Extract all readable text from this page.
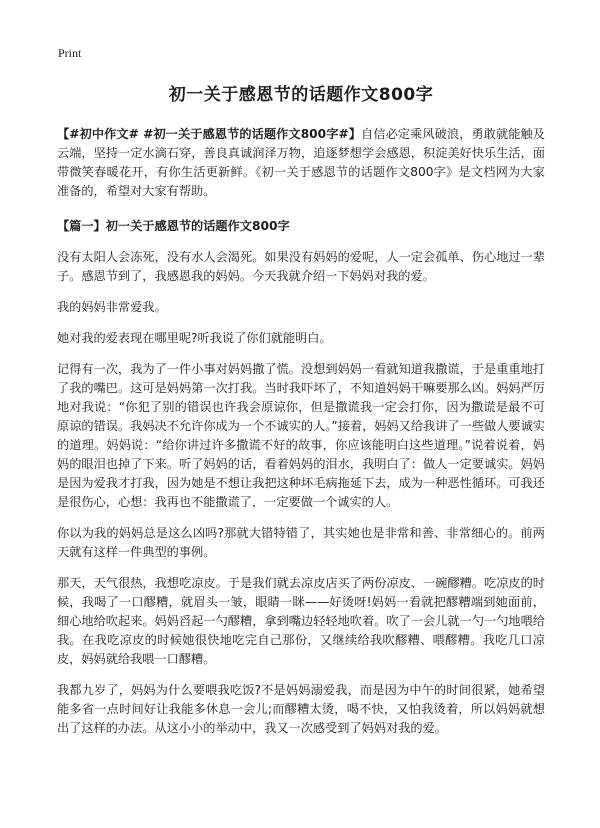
Print
初一关于感恩节的话题作文800字

【#初中作文# #初一关于感恩节的话题作文800字#】自信必定乘风破浪，勇敢就能触及云端，坚持一定水滴石穿，善良真诚润泽万物，追逐梦想学会感恩，积淀美好快乐生活，面带微笑春暖花开，有你生活更新鲜。《初一关于感恩节的话题作文800字》是文档网为大家准备的，希望对大家有帮助。

【篇一】初一关于感恩节的话题作文800字

没有太阳人会冻死，没有水人会渴死。如果没有妈妈的爱呢，人一定会孤单、伤心地过一辈子。感恩节到了，我感恩我的妈妈。今天我就介绍一下妈妈对我的爱。

我的妈妈非常爱我。

她对我的爱表现在哪里呢?听我说了你们就能明白。

记得有一次，我为了一件小事对妈妈撒了慌。没想到妈妈一看就知道我撒谎，于是重重地打了我的嘴巴。这可是妈妈第一次打我。当时我吓坏了，不知道妈妈干嘛要那么凶。妈妈严厉地对我说：“你犯了别的错误也许我会原谅你，但是撒谎我一定会打你，因为撒谎是最不可原谅的错误。我妈决不允许你成为一个不诚实的人。”接着，妈妈又给我讲了一些做人要诚实的道理。妈妈说：“给你讲过许多撒谎不好的故事，你应该能明白这些道理。”说着说着，妈妈的眼泪也掉了下来。听了妈妈的话，看着妈妈的泪水，我明白了：做人一定要诚实。妈妈是因为爱我才打我，因为她是不想让我把这种坏毛病拖延下去，成为一种恶性循环。可我还是很伤心，心想：我再也不能撒谎了，一定要做一个诚实的人。

你以为我的妈妈总是这么凶吗?那就大错特错了，其实她也是非常和善、非常细心的。前两天就有这样一件典型的事例。

那天，天气很热，我想吃凉皮。于是我们就去凉皮店买了两份凉皮、一碗醪糟。吃凉皮的时候，我喝了一口醪糟，就眉头一皱，眼睛一眯——好烫呀!妈妈一看就把醪糟端到她面前，细心地给吹起来。妈妈舀起一勺醪糟，拿到嘴边轻轻地吹着。吹了一会儿就一勺一勺地喂给我。在我吃凉皮的时候她很快地吃完自己那份，又继续给我吹醪糟、喂醪糟。我吃几口凉皮，妈妈就给我喂一口醪糟。

我都九岁了，妈妈为什么要喂我吃饭?不是妈妈溺爱我，而是因为中午的时间很紧，她希望能多省一点时间好让我能多休息一会儿;而醪糟太烫，喝不快，又怕我烫着，所以妈妈就想出了这样的办法。从这小小的举动中，我又一次感受到了妈妈对我的爱。
